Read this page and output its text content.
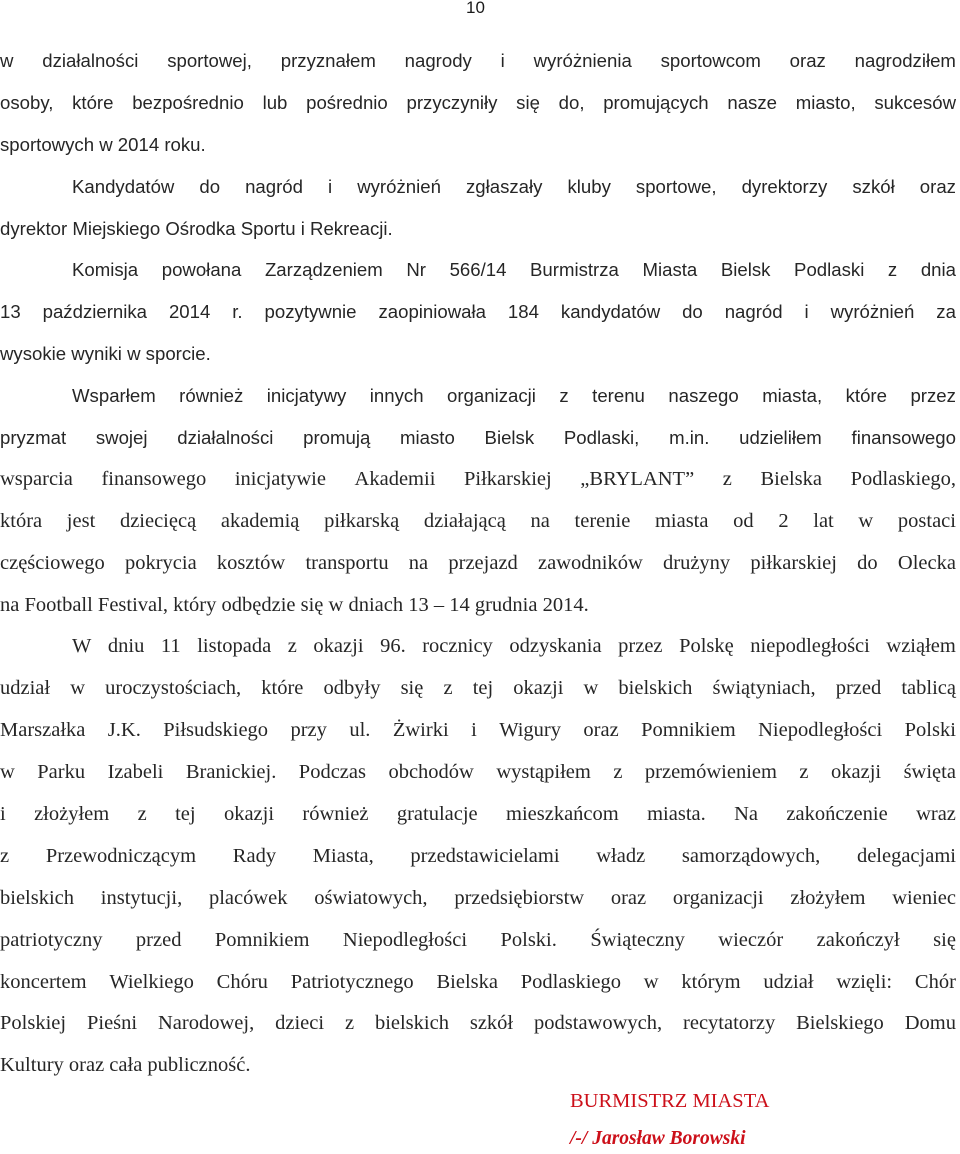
10
w działalności sportowej, przyznałem nagrody i wyróżnienia sportowcom oraz nagrodziłem
osoby, które bezpośrednio lub pośrednio przyczyniły się do, promujących nasze miasto, sukcesów
sportowych w 2014 roku.
Kandydatów do nagród i wyróżnień zgłaszały kluby sportowe, dyrektorzy szkół oraz
dyrektor Miejskiego Ośrodka Sportu i Rekreacji.
Komisja powołana Zarządzeniem Nr 566/14 Burmistrza Miasta Bielsk Podlaski z dnia
13 października 2014 r. pozytywnie zaopiniowała 184 kandydatów do nagród i wyróżnień za
wysokie wyniki w sporcie.
Wsparłem również inicjatywy innych organizacji z terenu naszego miasta, które przez
pryzmat swojej działalności promują miasto Bielsk Podlaski, m.in. udzieliłem finansowego
wsparcia finansowego inicjatywie Akademii Piłkarskiej „BRYLANT” z Bielska Podlaskiego,
która jest dziecięcą akademią piłkarską działającą na terenie miasta od 2 lat w postaci
częściowego pokrycia kosztów transportu na przejazd zawodników drużyny piłkarskiej do Olecka
na Football Festival, który odbędzie się w dniach 13 – 14 grudnia 2014.
W dniu 11 listopada z okazji 96. rocznicy odzyskania przez Polskę niepodległości wziąłem
udział w uroczystościach, które odbyły się z tej okazji w bielskich świątyniach, przed tablicą
Marszałka J.K. Piłsudskiego przy ul. Żwirki i Wigury oraz Pomnikiem Niepodległości Polski
w Parku Izabeli Branickiej. Podczas obchodów wystąpiłem z przemówieniem z okazji święta
i złożyłem z tej okazji również gratulacje mieszkańcom miasta. Na zakończenie wraz
z Przewodniczącym Rady Miasta, przedstawicielami władz samorządowych, delegacjami
bielskich instytucji, placówek oświatowych, przedsiębiorstw oraz organizacji złożyłem wieniec
patriotyczny przed Pomnikiem Niepodległości Polski. Świąteczny wieczór zakończył się
koncertem Wielkiego Chóru Patriotycznego Bielska Podlaskiego w którym udział wzięli: Chór
Polskiej Pieśni Narodowej, dzieci z bielskich szkół podstawowych, recytatorzy Bielskiego Domu
Kultury oraz cała publiczność.
BURMISTRZ MIASTA
/-/ Jarosław Borowski
